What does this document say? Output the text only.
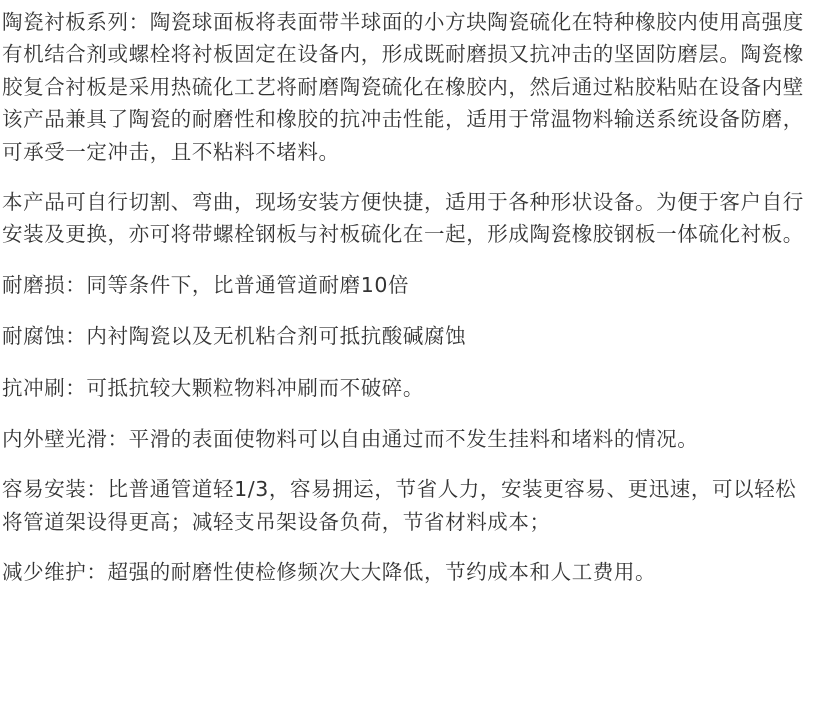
陶瓷衬板系列：陶瓷球面板将表面带半球面的小方块陶瓷硫化在特种橡胶内使用高强度有机结合剂或螺栓将衬板固定在设备内，形成既耐磨损又抗冲击的坚固防磨层。陶瓷橡胶复合衬板是采用热硫化工艺将耐磨陶瓷硫化在橡胶内，然后通过粘胶粘贴在设备内壁该产品兼具了陶瓷的耐磨性和橡胶的抗冲击性能，适用于常温物料输送系统设备防磨，可承受一定冲击，且不粘料不堵料。

本产品可自行切割、弯曲，现场安装方便快捷，适用于各种形状设备。为便于客户自行安装及更换，亦可将带螺栓钢板与衬板硫化在一起，形成陶瓷橡胶钢板一体硫化衬板。

耐磨损：同等条件下，比普通管道耐磨10倍

耐腐蚀：内衬陶瓷以及无机粘合剂可抵抗酸碱腐蚀

抗冲刷：可抵抗较大颗粒物料冲刷而不破碎。

内外壁光滑：平滑的表面使物料可以自由通过而不发生挂料和堵料的情况。

容易安装：比普通管道轻1/3，容易拥运，节省人力，安装更容易、更迅速，可以轻松将管道架设得更高；减轻支吊架设备负荷，节省材料成本；

减少维护：超强的耐磨性使检修频次大大降低，节约成本和人工费用。
